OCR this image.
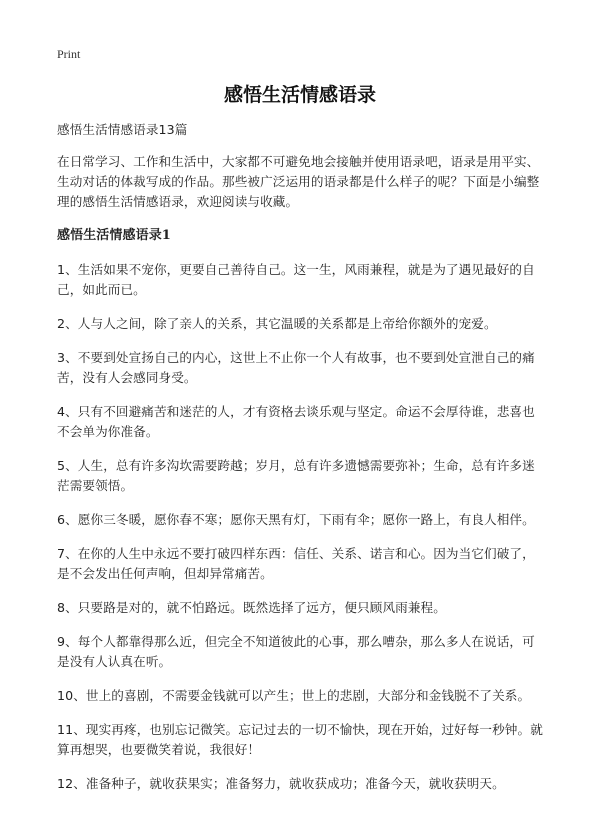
Print
感悟生活情感语录

感悟生活情感语录13篇

在日常学习、工作和生活中，大家都不可避免地会接触并使用语录吧，语录是用平实、生动对话的体裁写成的作品。那些被广泛运用的语录都是什么样子的呢？下面是小编整理的感悟生活情感语录，欢迎阅读与收藏。

感悟生活情感语录1

1、生活如果不宠你，更要自己善待自己。这一生，风雨兼程，就是为了遇见最好的自己，如此而已。

2、人与人之间，除了亲人的关系，其它温暖的关系都是上帝给你额外的宠爱。

3、不要到处宣扬自己的内心，这世上不止你一个人有故事，也不要到处宣泄自己的痛苦，没有人会感同身受。

4、只有不回避痛苦和迷茫的人，才有资格去谈乐观与坚定。命运不会厚待谁，悲喜也不会单为你准备。

5、人生，总有许多沟坎需要跨越；岁月，总有许多遗憾需要弥补；生命，总有许多迷茫需要领悟。

6、愿你三冬暖，愿你春不寒；愿你天黑有灯，下雨有伞；愿你一路上，有良人相伴。

7、在你的人生中永远不要打破四样东西：信任、关系、诺言和心。因为当它们破了，是不会发出任何声响，但却异常痛苦。

8、只要路是对的，就不怕路远。既然选择了远方，便只顾风雨兼程。

9、每个人都靠得那么近，但完全不知道彼此的心事，那么嘈杂，那么多人在说话，可是没有人认真在听。

10、世上的喜剧，不需要金钱就可以产生；世上的悲剧，大部分和金钱脱不了关系。

11、现实再疼，也别忘记微笑。忘记过去的一切不愉快，现在开始，过好每一秒钟。就算再想哭，也要微笑着说，我很好！

12、准备种子，就收获果实；准备努力，就收获成功；准备今天，就收获明天。
